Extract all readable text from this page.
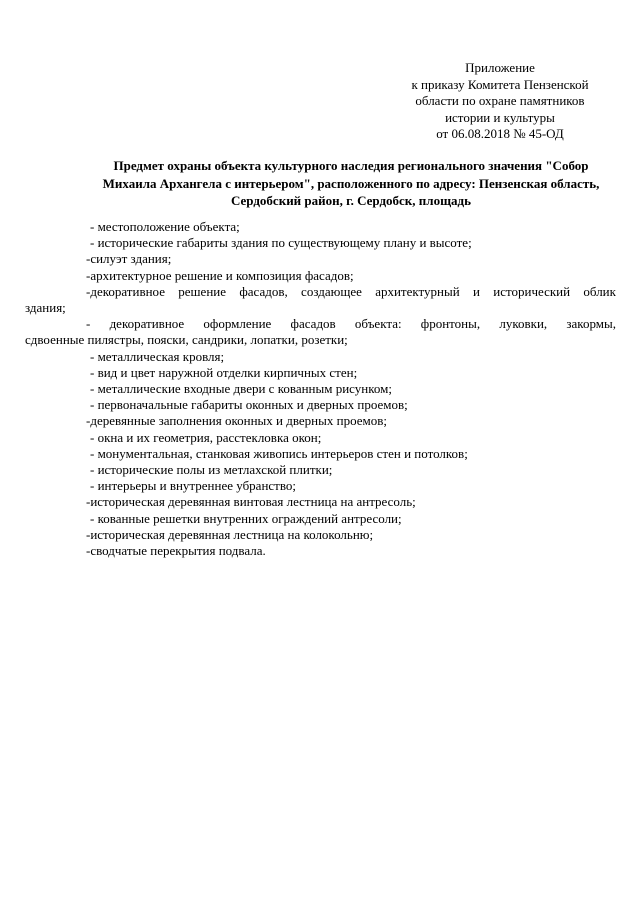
Приложение
к приказу Комитета Пензенской
области по охране памятников
истории и культуры
от 06.08.2018 № 45-ОД
Предмет охраны объекта культурного наследия регионального значения "Собор
Михаила Архангела с интерьером", расположенного по адресу: Пензенская область,
Сердобский район, г. Сердобск, площадь
- местоположение объекта;
- исторические габариты здания по существующему плану и высоте;
-силуэт здания;
-архитектурное решение и композиция фасадов;
-декоративное решение фасадов, создающее архитектурный и исторический облик
здания;
- декоративное оформление фасадов объекта: фронтоны, луковки, закормы,
сдвоенные пилястры, пояски, сандрики, лопатки, розетки;
- металлическая кровля;
- вид и цвет наружной отделки кирпичных стен;
- металлические входные двери с кованным рисунком;
- первоначальные габариты оконных и дверных проемов;
-деревянные заполнения оконных и дверных проемов;
- окна и их геометрия, расстекловка окон;
- монументальная, станковая живопись интерьеров стен и потолков;
- исторические полы из метлахской плитки;
- интерьеры и внутреннее убранство;
-историческая деревянная винтовая лестница на антресоль;
- кованные решетки внутренних ограждений антресоли;
-историческая деревянная лестница на колокольню;
-сводчатые перекрытия подвала.
